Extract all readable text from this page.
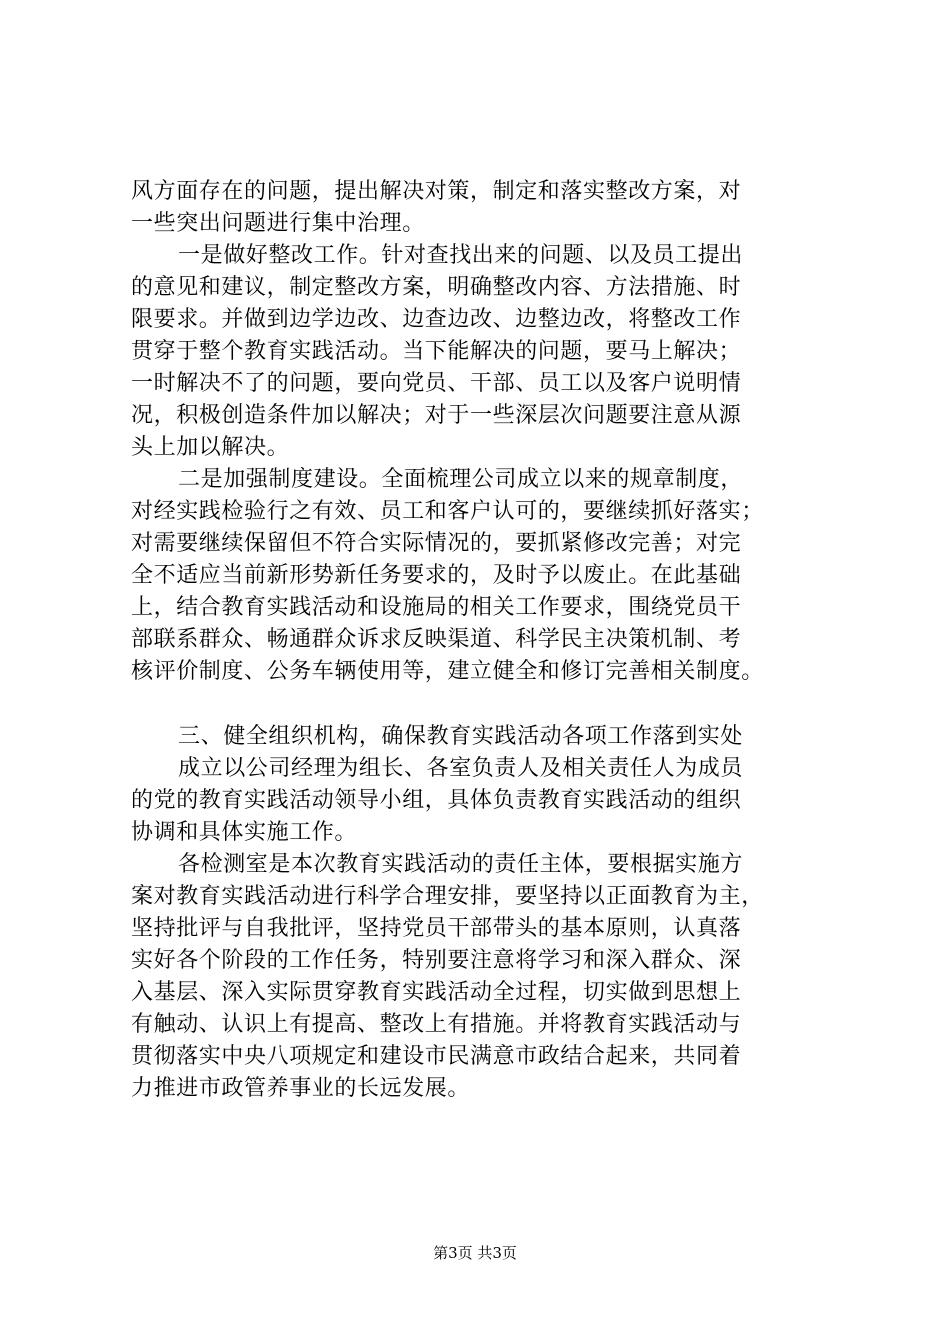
风方面存在的问题，提出解决对策，制定和落实整改方案，对
一些突出问题进行集中治理。
一是做好整改工作。针对查找出来的问题、以及员工提出
的意见和建议，制定整改方案，明确整改内容、方法措施、时
限要求。并做到边学边改、边查边改、边整边改，将整改工作
贯穿于整个教育实践活动。当下能解决的问题，要马上解决；
一时解决不了的问题，要向党员、干部、员工以及客户说明情
况，积极创造条件加以解决；对于一些深层次问题要注意从源
头上加以解决。
二是加强制度建设。全面梳理公司成立以来的规章制度，
对经实践检验行之有效、员工和客户认可的，要继续抓好落实；
对需要继续保留但不符合实际情况的，要抓紧修改完善；对完
全不适应当前新形势新任务要求的，及时予以废止。在此基础
上，结合教育实践活动和设施局的相关工作要求，围绕党员干
部联系群众、畅通群众诉求反映渠道、科学民主决策机制、考
核评价制度、公务车辆使用等，建立健全和修订完善相关制度。
三、健全组织机构，确保教育实践活动各项工作落到实处
成立以公司经理为组长、各室负责人及相关责任人为成员
的党的教育实践活动领导小组，具体负责教育实践活动的组织
协调和具体实施工作。
各检测室是本次教育实践活动的责任主体，要根据实施方
案对教育实践活动进行科学合理安排，要坚持以正面教育为主，
坚持批评与自我批评，坚持党员干部带头的基本原则，认真落
实好各个阶段的工作任务，特别要注意将学习和深入群众、深
入基层、深入实际贯穿教育实践活动全过程，切实做到思想上
有触动、认识上有提高、整改上有措施。并将教育实践活动与
贯彻落实中央八项规定和建设市民满意市政结合起来，共同着
力推进市政管养事业的长远发展。
第3页 共3页
